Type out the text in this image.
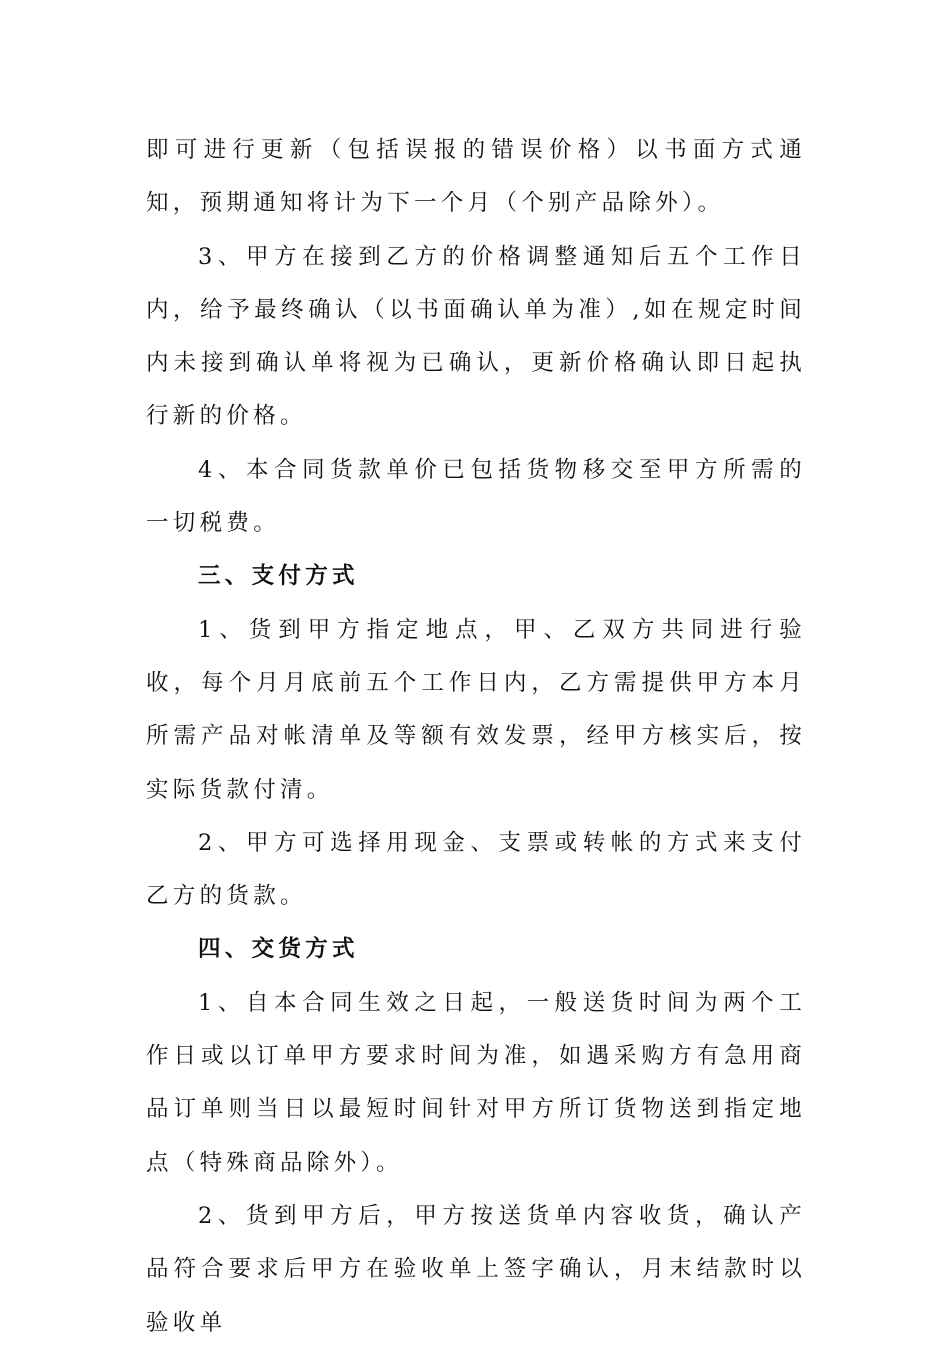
即可进行更新（包括误报的错误价格）以书面方式通知，预期通知将计为下一个月（个别产品除外）。

3、甲方在接到乙方的价格调整通知后五个工作日内，给予最终确认（以书面确认单为准）,如在规定时间内未接到确认单将视为已确认，更新价格确认即日起执行新的价格。

4、本合同货款单价已包括货物移交至甲方所需的一切税费。

三、支付方式

1、货到甲方指定地点，甲、乙双方共同进行验收，每个月月底前五个工作日内，乙方需提供甲方本月所需产品对帐清单及等额有效发票，经甲方核实后，按实际货款付清。

2、甲方可选择用现金、支票或转帐的方式来支付乙方的货款。

四、交货方式

1、自本合同生效之日起，一般送货时间为两个工作日或以订单甲方要求时间为准，如遇采购方有急用商品订单则当日以最短时间针对甲方所订货物送到指定地点（特殊商品除外）。

2、货到甲方后，甲方按送货单内容收货，确认产品符合要求后甲方在验收单上签字确认，月末结款时以验收单
